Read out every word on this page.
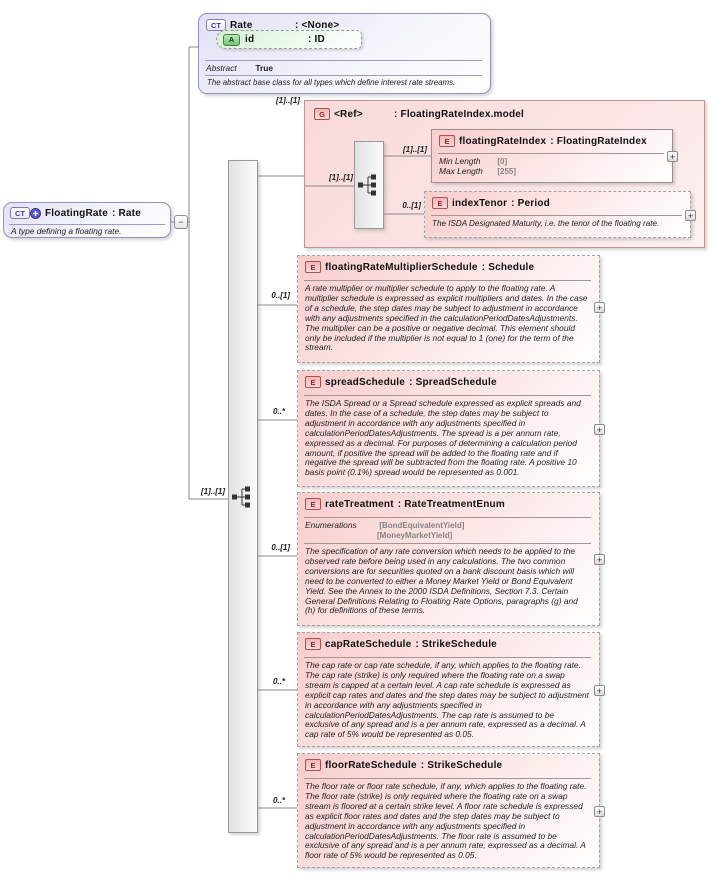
[1]..[1]
[1]..[1]
0..[1]
0..*
0..[1]
0..*
0..*
CT Rate	: <None>
A	id	: ID
Abstract True
The abstract base class for all types which define interest rate streams.
CT	FloatingRate : Rate
A type defining a floating rate.
−
G <Ref>	: FloatingRateIndex.model
[1]..[1]
[1]..[1]
0..[1]
E floatingRateIndex : FloatingRateIndex
Min Length [0]
Max Length [255]
+
E indexTenor : Period
The ISDA Designated Maturity, i.e. the tenor of the floating rate.
+
E floatingRateMultiplierSchedule : Schedule
A rate multiplier or multiplier schedule to apply to the floating rate. A multiplier schedule is expressed as explicit multipliers and dates. In the case of a schedule, the step dates may be subject to adjustment in accordance with any adjustments specified in the calculationPeriodDatesAdjustments. The multiplier can be a positive or negative decimal. This element should only be included if the multiplier is not equal to 1 (one) for the term of the stream.
+
E spreadSchedule : SpreadSchedule
The ISDA Spread or a Spread schedule expressed as explicit spreads and dates. In the case of a schedule, the step dates may be subject to adjustment in accordance with any adjustments specified in calculationPeriodDatesAdjustments. The spread is a per annum rate, expressed as a decimal. For purposes of determining a calculation period amount, if positive the spread will be added to the floating rate and if negative the spread will be subtracted from the floating rate. A positive 10 basis point (0.1%) spread would be represented as 0.001.
+
E rateTreatment : RateTreatmentEnum
Enumerations	[BondEquivalentYield]
[MoneyMarketYield]
The specification of any rate conversion which needs to be applied to the observed rate before being used in any calculations. The two common conversions are for securities quoted on a bank discount basis which will need to be converted to either a Money Market Yield or Bond Equivalent Yield. See the Annex to the 2000 ISDA Definitions, Section 7.3. Certain General Definitions Relating to Floating Rate Options, paragraphs (g) and (h) for definitions of these terms.
+
E capRateSchedule : StrikeSchedule
The cap rate or cap rate schedule, if any, which applies to the floating rate. The cap rate (strike) is only required where the floating rate on a swap stream is capped at a certain level. A cap rate schedule is expressed as explicit cap rates and dates and the step dates may be subject to adjustment in accordance with any adjustments specified in calculationPeriodDatesAdjustments. The cap rate is assumed to be exclusive of any spread and is a per annum rate, expressed as a decimal. A cap rate of 5% would be represented as 0.05.
+
E floorRateSchedule : StrikeSchedule
The floor rate or floor rate schedule, if any, which applies to the floating rate. The floor rate (strike) is only required where the floating rate on a swap stream is floored at a certain strike level. A floor rate schedule is expressed as explicit floor rates and dates and the step dates may be subject to adjustment in accordance with any adjustments specified in calculationPeriodDatesAdjustments. The floor rate is assumed to be exclusive of any spread and is a per annum rate, expressed as a decimal. A floor rate of 5% would be represented as 0.05.
+
